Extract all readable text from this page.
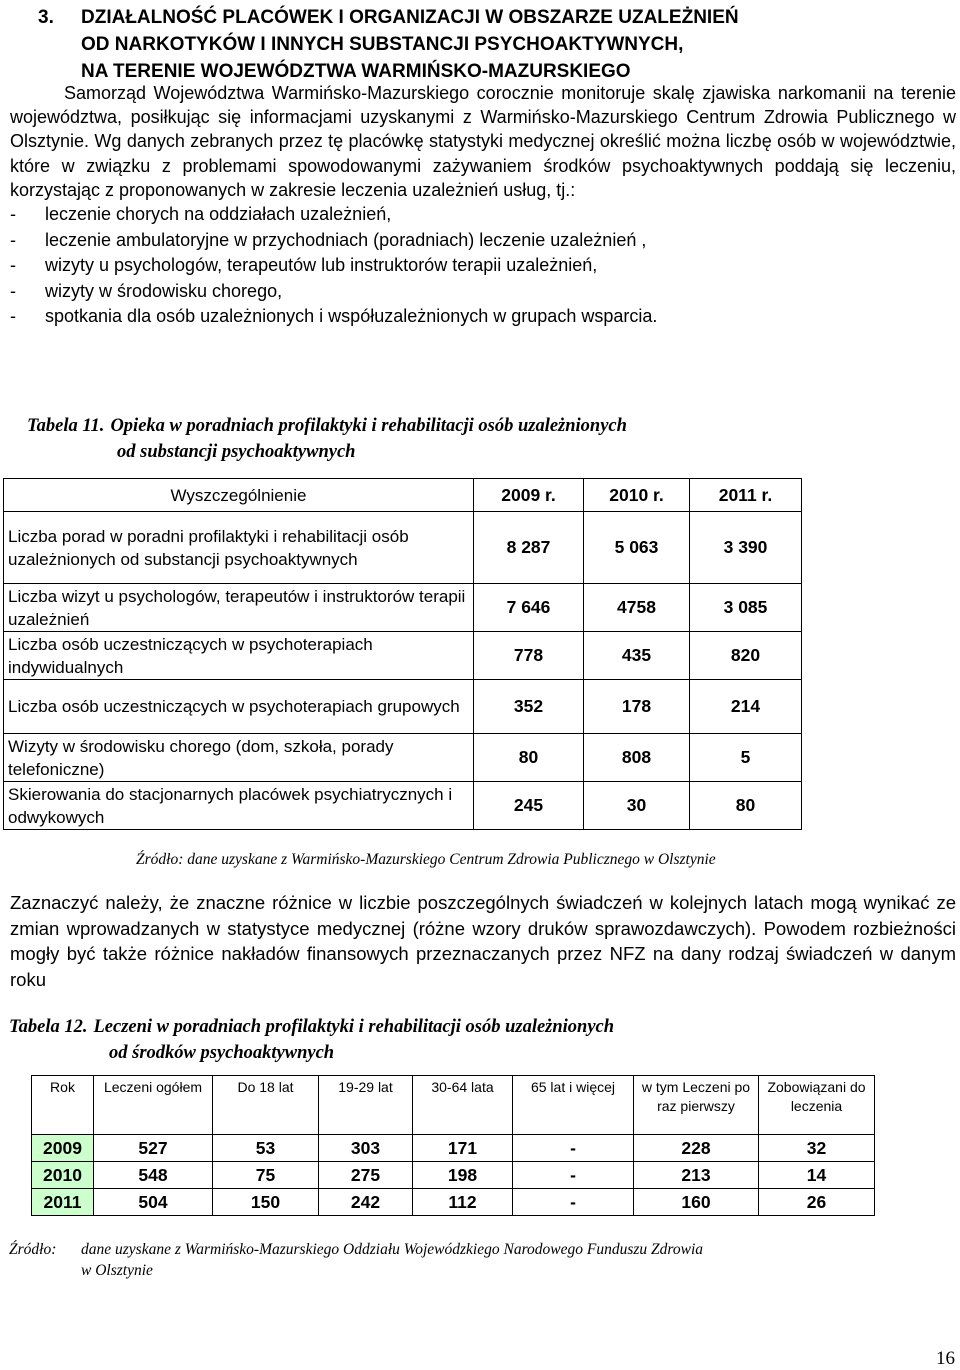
3. DZIAŁALNOŚĆ PLACÓWEK I ORGANIZACJI W OBSZARZE UZALEŻNIEŃ
OD NARKOTYKÓW I INNYCH SUBSTANCJI PSYCHOAKTYWNYCH,
NA TERENIE WOJEWÓDZTWA WARMIŃSKO-MAZURSKIEGO

Samorząd Województwa Warmińsko-Mazurskiego corocznie monitoruje skalę zjawiska narkomanii na terenie województwa, posiłkując się informacjami uzyskanymi z Warmińsko-Mazurskiego Centrum Zdrowia Publicznego w Olsztynie. Wg danych zebranych przez tę placówkę statystyki medycznej określić można liczbę osób w województwie, które w związku z problemami spowodowanymi zażywaniem środków psychoaktywnych poddają się leczeniu, korzystając z proponowanych w zakresie leczenia uzależnień usług, tj.:

- leczenie chorych na oddziałach uzależnień,
- leczenie ambulatoryjne w przychodniach (poradniach) leczenie uzależnień ,
- wizyty u psychologów, terapeutów lub instruktorów terapii uzależnień,
- wizyty w środowisku chorego,
- spotkania dla osób uzależnionych i współuzależnionych w grupach wsparcia.
Tabela 11. Opieka w poradniach profilaktyki i rehabilitacji osób uzależnionych
od substancji psychoaktywnych
Wyszczególnienie	2009 r.	2010 r.	2011 r.
Liczba porad w poradni profilaktyki i rehabilitacji osób uzależnionych od substancji psychoaktywnych	8 287	5 063	3 390
Liczba wizyt u psychologów, terapeutów i instruktorów terapii uzależnień	7 646	4758	3 085
Liczba osób uczestniczących w psychoterapiach indywidualnych	778	435	820
Liczba osób uczestniczących w psychoterapiach grupowych	352	178	214
Wizyty w środowisku chorego (dom, szkoła, porady telefoniczne)	80	808	5
Skierowania do stacjonarnych placówek psychiatrycznych i odwykowych	245	30	80
Źródło: dane uzyskane z Warmińsko-Mazurskiego Centrum Zdrowia Publicznego w Olsztynie
Zaznaczyć należy, że znaczne różnice w liczbie poszczególnych świadczeń w kolejnych latach mogą wynikać ze zmian wprowadzanych w statystyce medycznej (różne wzory druków sprawozdawczych). Powodem rozbieżności mogły być także różnice nakładów finansowych przeznaczanych przez NFZ na dany rodzaj świadczeń w danym roku
Tabela 12. Leczeni w poradniach profilaktyki i rehabilitacji osób uzależnionych
od środków psychoaktywnych
Rok	Leczeni ogółem	Do 18 lat	19-29 lat	30-64 lata	65 lat i więcej	w tym Leczeni po raz pierwszy	Zobowiązani do leczenia
2009	527	53	303	171	-	228	32
2010	548	75	275	198	-	213	14
2011	504	150	242	112	-	160	26
Źródło: dane uzyskane z Warmińsko-Mazurskiego Oddziału Wojewódzkiego Narodowego Funduszu Zdrowia
w Olsztynie
16
